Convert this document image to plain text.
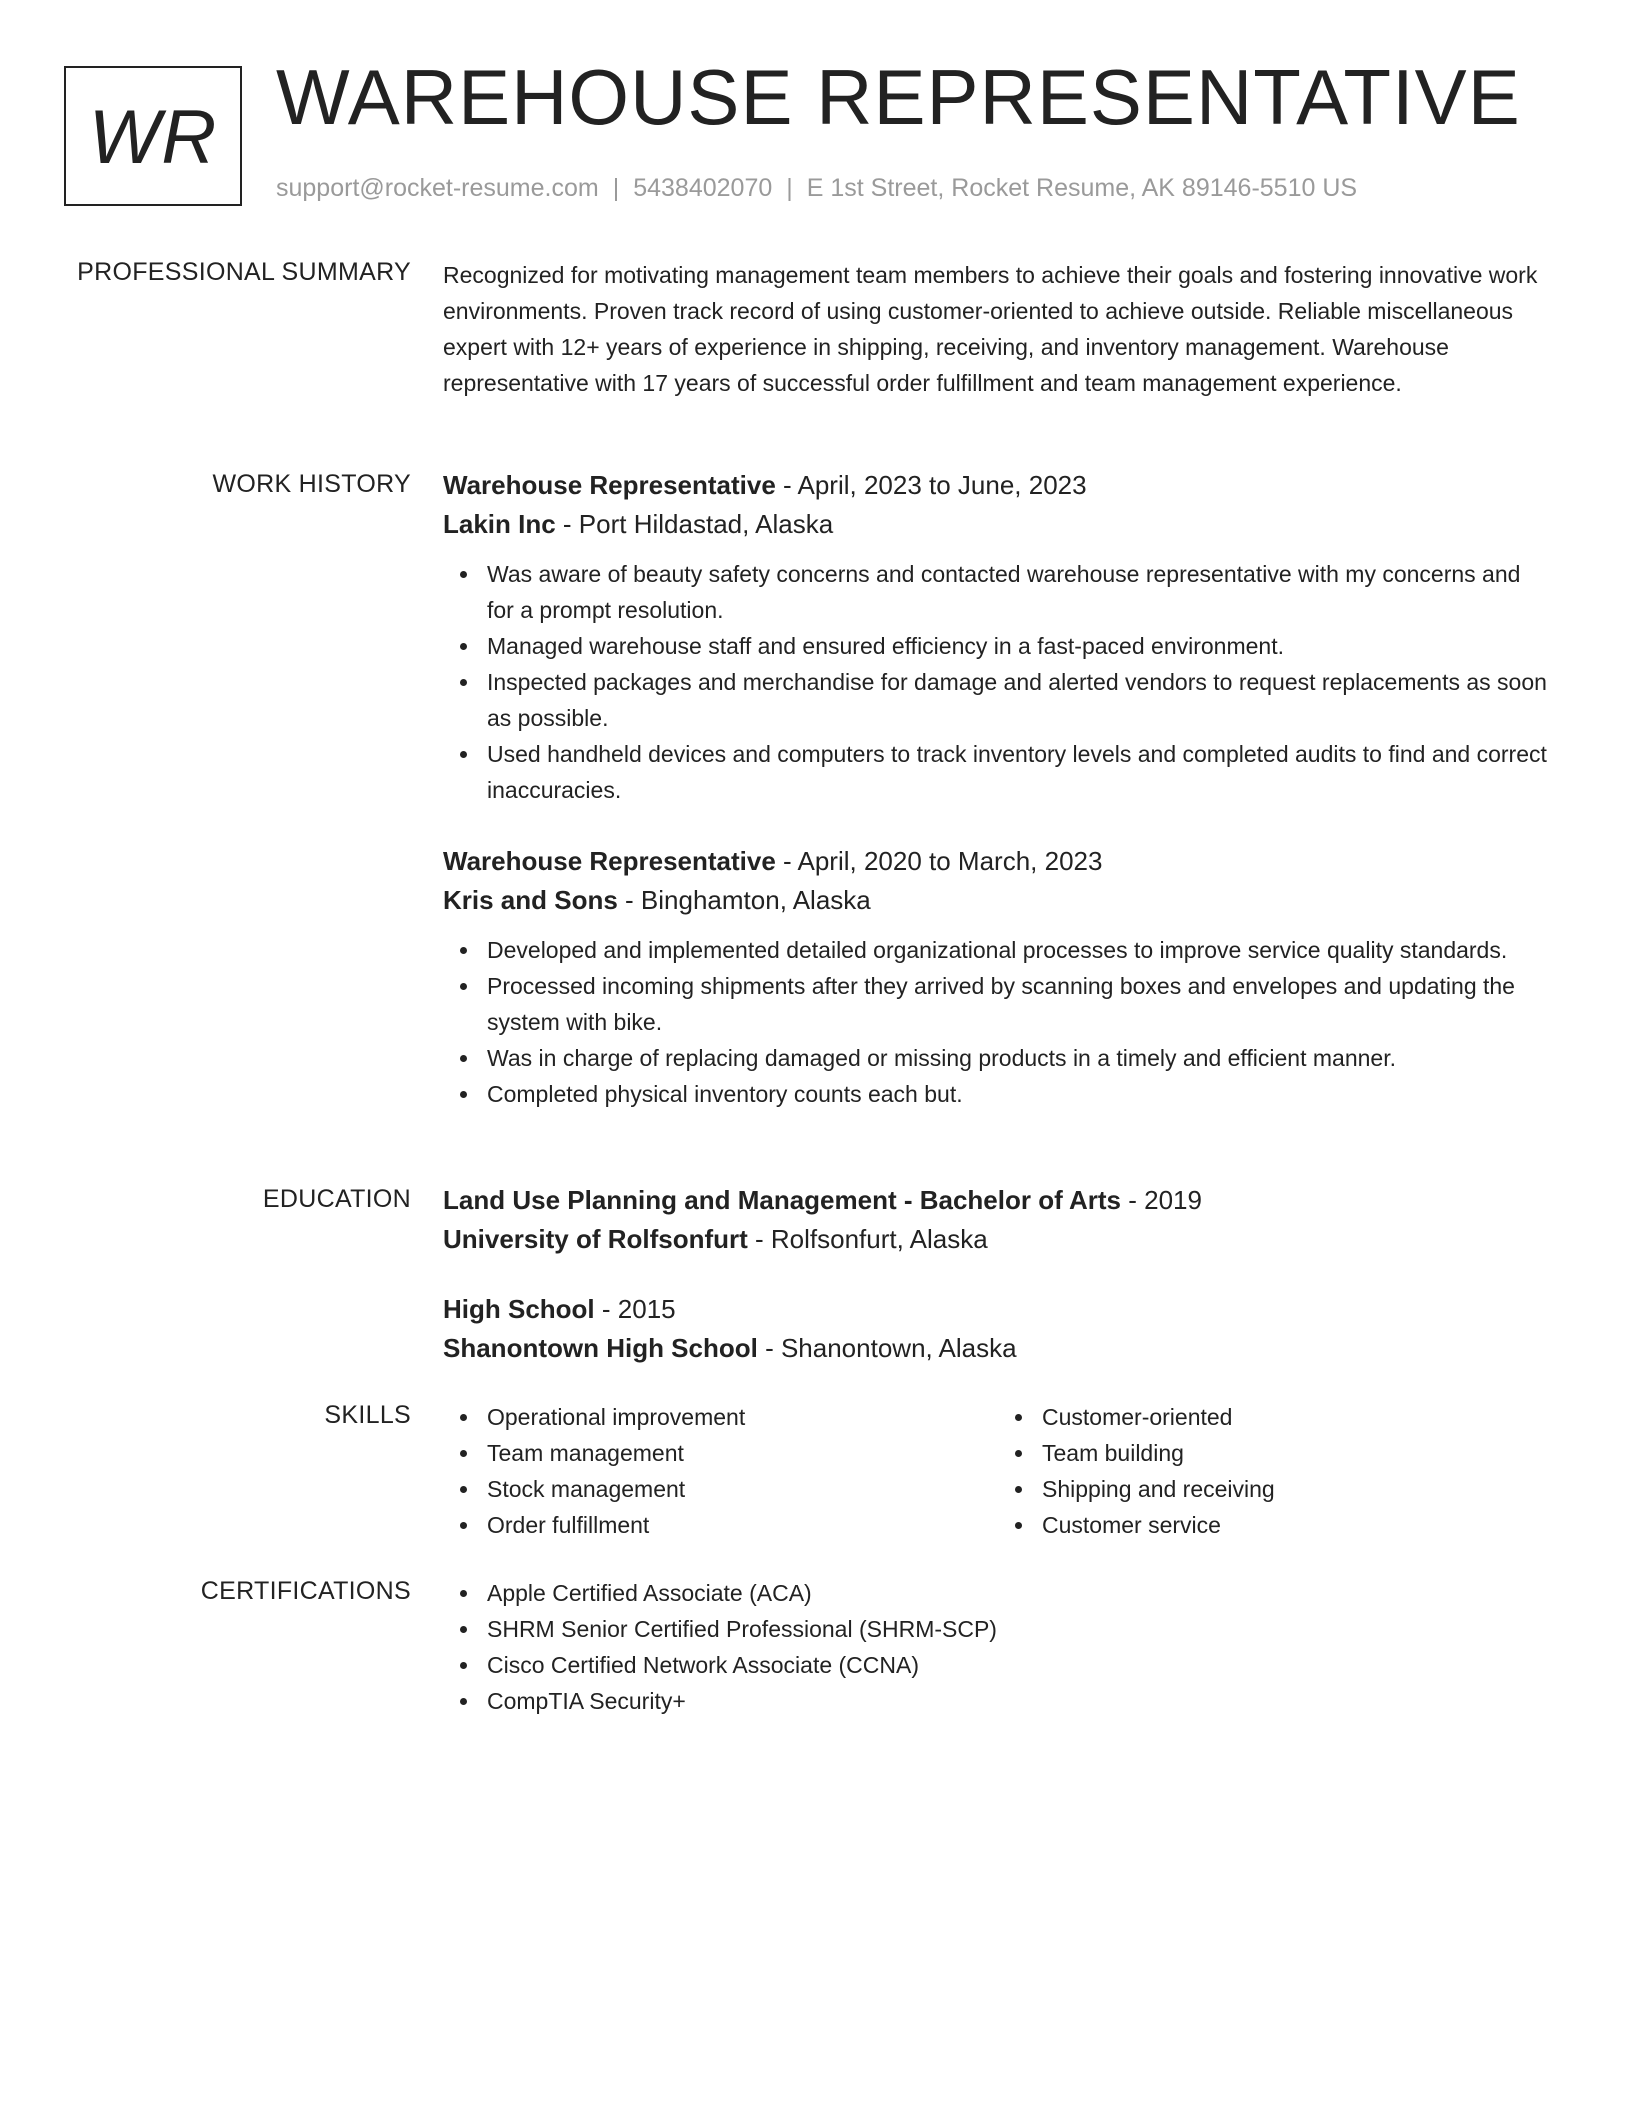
WR WAREHOUSE REPRESENTATIVE
support@rocket-resume.com | 5438402070 | E 1st Street, Rocket Resume, AK 89146-5510 US
PROFESSIONAL SUMMARY Recognized for motivating management team members to achieve their goals and fostering innovative work environments. Proven track record of using customer-oriented to achieve outside. Reliable miscellaneous expert with 12+ years of experience in shipping, receiving, and inventory management. Warehouse representative with 17 years of successful order fulfillment and team management experience.

WORK HISTORY Warehouse Representative - April, 2023 to June, 2023
Lakin Inc - Port Hildastad, Alaska
Was aware of beauty safety concerns and contacted warehouse representative with my concerns and for a prompt resolution.
Managed warehouse staff and ensured efficiency in a fast-paced environment.
Inspected packages and merchandise for damage and alerted vendors to request replacements as soon as possible.
Used handheld devices and computers to track inventory levels and completed audits to find and correct inaccuracies.
Warehouse Representative - April, 2020 to March, 2023
Kris and Sons - Binghamton, Alaska
Developed and implemented detailed organizational processes to improve service quality standards.
Processed incoming shipments after they arrived by scanning boxes and envelopes and updating the system with bike.
Was in charge of replacing damaged or missing products in a timely and efficient manner.
Completed physical inventory counts each but.
EDUCATION Land Use Planning and Management - Bachelor of Arts - 2019
University of Rolfsonfurt - Rolfsonfurt, Alaska
High School - 2015
Shanontown High School - Shanontown, Alaska
SKILLS	Operational improvement
Team management
Stock management
Order fulfillment
Customer-oriented
Team building
Shipping and receiving
Customer service
CERTIFICATIONS	Apple Certified Associate (ACA)
SHRM Senior Certified Professional (SHRM-SCP)
Cisco Certified Network Associate (CCNA)
CompTIA Security+
